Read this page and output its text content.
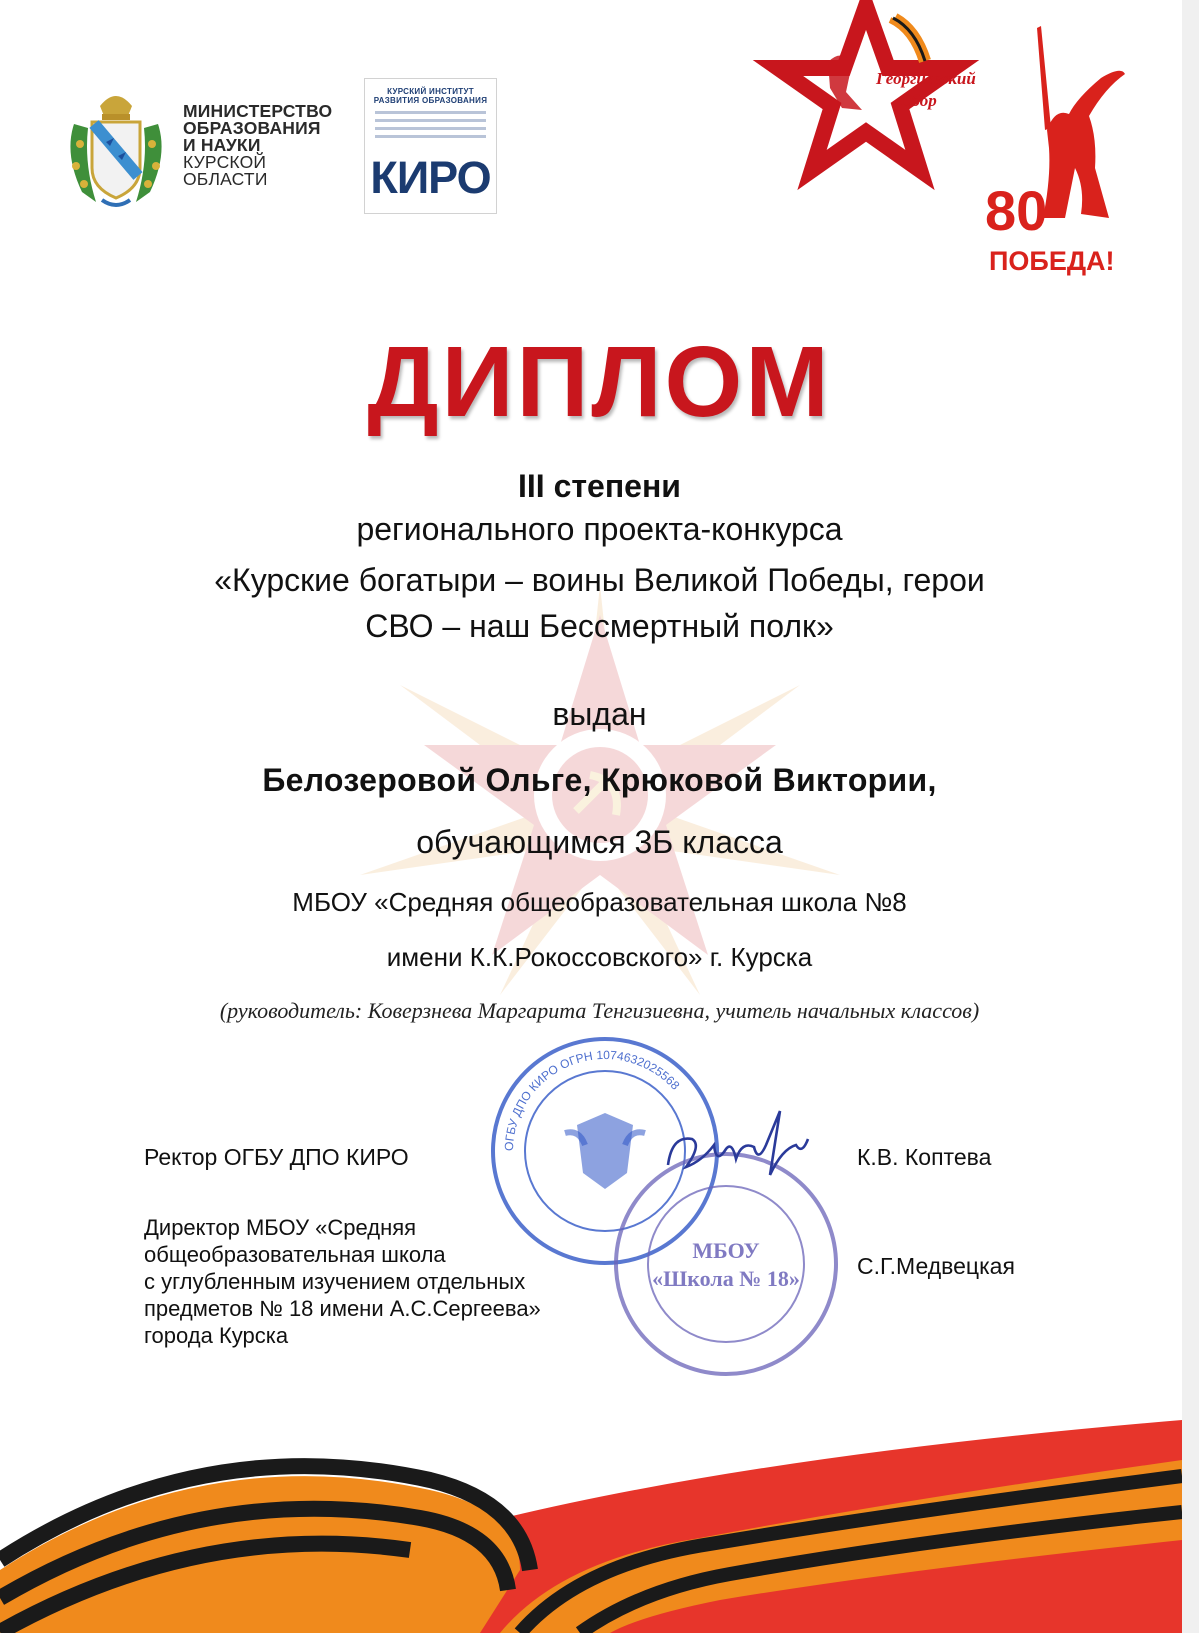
МИНИСТЕРСТВО
ОБРАЗОВАНИЯ
И НАУКИ
КУРСКОЙ
ОБЛАСТИ
КУРСКИЙ ИНСТИТУТ
РАЗВИТИЯ ОБРАЗОВАНИЯ
КИРО
Георгиевский
Сбор
80
ПОБЕДА!
ДИПЛОМ
III степени
регионального проекта-конкурса
«Курские богатыри – воины Великой Победы, герои
СВО – наш Бессмертный полк»
выдан
Белозеровой Ольге, Крюковой Виктории,
обучающимся 3Б класса
МБОУ «Средняя общеобразовательная школа №8
имени К.К.Рокоссовского» г. Курска
(руководитель: Коверзнева Маргарита Тенгизиевна, учитель начальных классов)
ОГБУ ДПО КИРО ОГРН 1074632025568
МБОУ
«Школа № 18»
Ректор ОГБУ ДПО КИРО	К.В. Коптева
Директор МБОУ «Средняя
общеобразовательная школа
с углубленным изучением отдельных
предметов № 18 имени А.С.Сергеева»
города Курска
С.Г.Медвецкая
